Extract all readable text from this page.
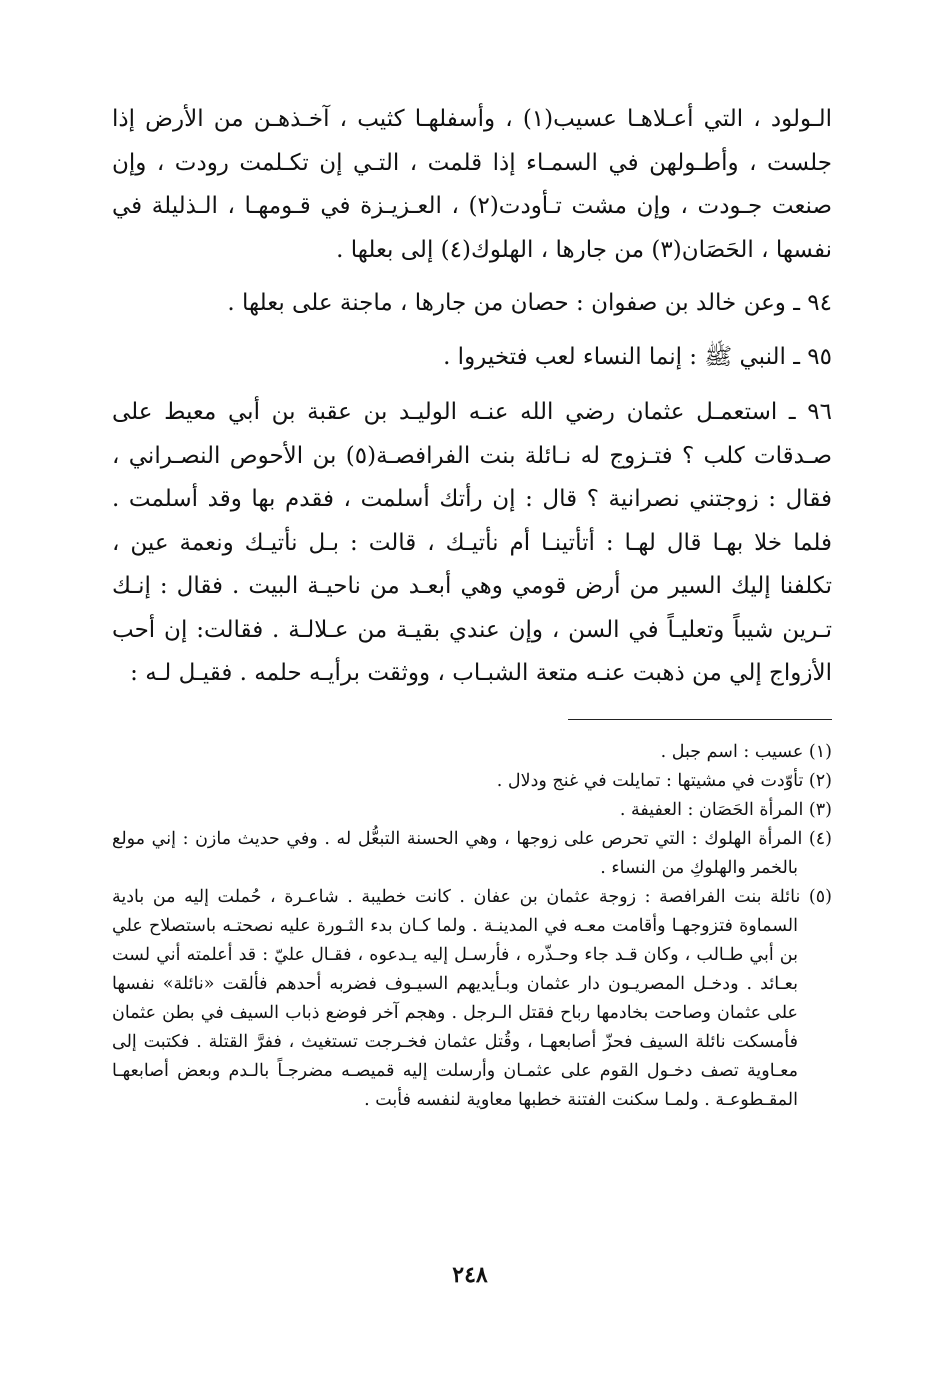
الـولود ، التي أعـلاهـا عسيب(١) ، وأسفلهـا كثيب ، آخـذهـن من الأرض إذا جلست ، وأطـولهن في السمـاء إذا قلمت ، التـي إن تكـلمت رودت ، وإن صنعت جـودت ، وإن مشت تـأودت(٢) ، العـزيـزة في قـومهـا ، الـذليلة في نفسها ، الحَصَان(٣) من جارها ، الهلوك(٤) إلى بعلها .

٩٤ ـ وعن خالد بن صفوان : حصان من جارها ، ماجنة على بعلها .

٩٥ ـ النبي ﷺ : إنما النساء لعب فتخيروا .

٩٦ ـ استعمـل عثمان رضي الله عنـه الوليـد بن عقبة بن أبي معيط على صـدقات كلب ؟ فتـزوج له نـائلة بنت الفرافصـة(٥) بن الأحوص النصـراني ، فقال : زوجتني نصرانية ؟ قال : إن رأتك أسلمت ، فقدم بها وقد أسلمت . فلما خلا بهـا قال لهـا : أتأتينـا أم نأتيـك ، قالت : بـل نأتيـك ونعمة عين ، تكلفنا إليك السير من أرض قومي وهي أبعـد من ناحيـة البيت . فقال : إنـك تـرين شيباً وتعليـاً في السن ، وإن عندي بقيـة من عـلالـة . فقالت: إن أحب الأزواج إلي من ذهبت عنـه متعة الشبـاب ، ووثقت برأيـه حلمه . فقيـل لـه :

(١) عسيب : اسم جبل .

(٢) تأوّدت في مشيتها : تمايلت في غنج ودلال .

(٣) المرأة الحَصَان : العفيفة .

(٤) المرأة الهلوك : التي تحرص على زوجها ، وهي الحسنة التبعُّل له . وفي حديث مازن : إني مولع بالخمر والهلوكِ من النساء .

(٥) نائلة بنت الفرافصة : زوجة عثمان بن عفان . كانت خطيبة . شاعـرة ، حُملت إليه من بادية السماوة فتزوجهـا وأقامت معـه في المدينـة . ولما كـان بدء الثـورة عليه نصحتـه باستصلاح علي بن أبي طـالب ، وكان قـد جاء وحـذّره ، فأرسـل إليه يـدعوه ، فقـال عليّ : قد أعلمته أني لست بعـائد . ودخـل المصريـون دار عثمان وبـأيديهم السيـوف فضربه أحدهم فألقت «نائلة» نفسها على عثمان وصاحت بخادمها رباح فقتل الـرجل . وهجم آخر فوضع ذباب السيف في بطن عثمان فأمسكت نائلة السيف فحزّ أصابعهـا ، وقُتل عثمان فخـرجت تستغيث ، ففرَّ القتلة . فكتبت إلى معـاوية تصف دخـول القوم على عثمـان وأرسلت إليه قميصـه مضرجـاً بالـدم وبعض أصابعهـا المقـطوعـة . ولمـا سكنت الفتنة خطبها معاوية لنفسه فأبت .

٢٤٨
